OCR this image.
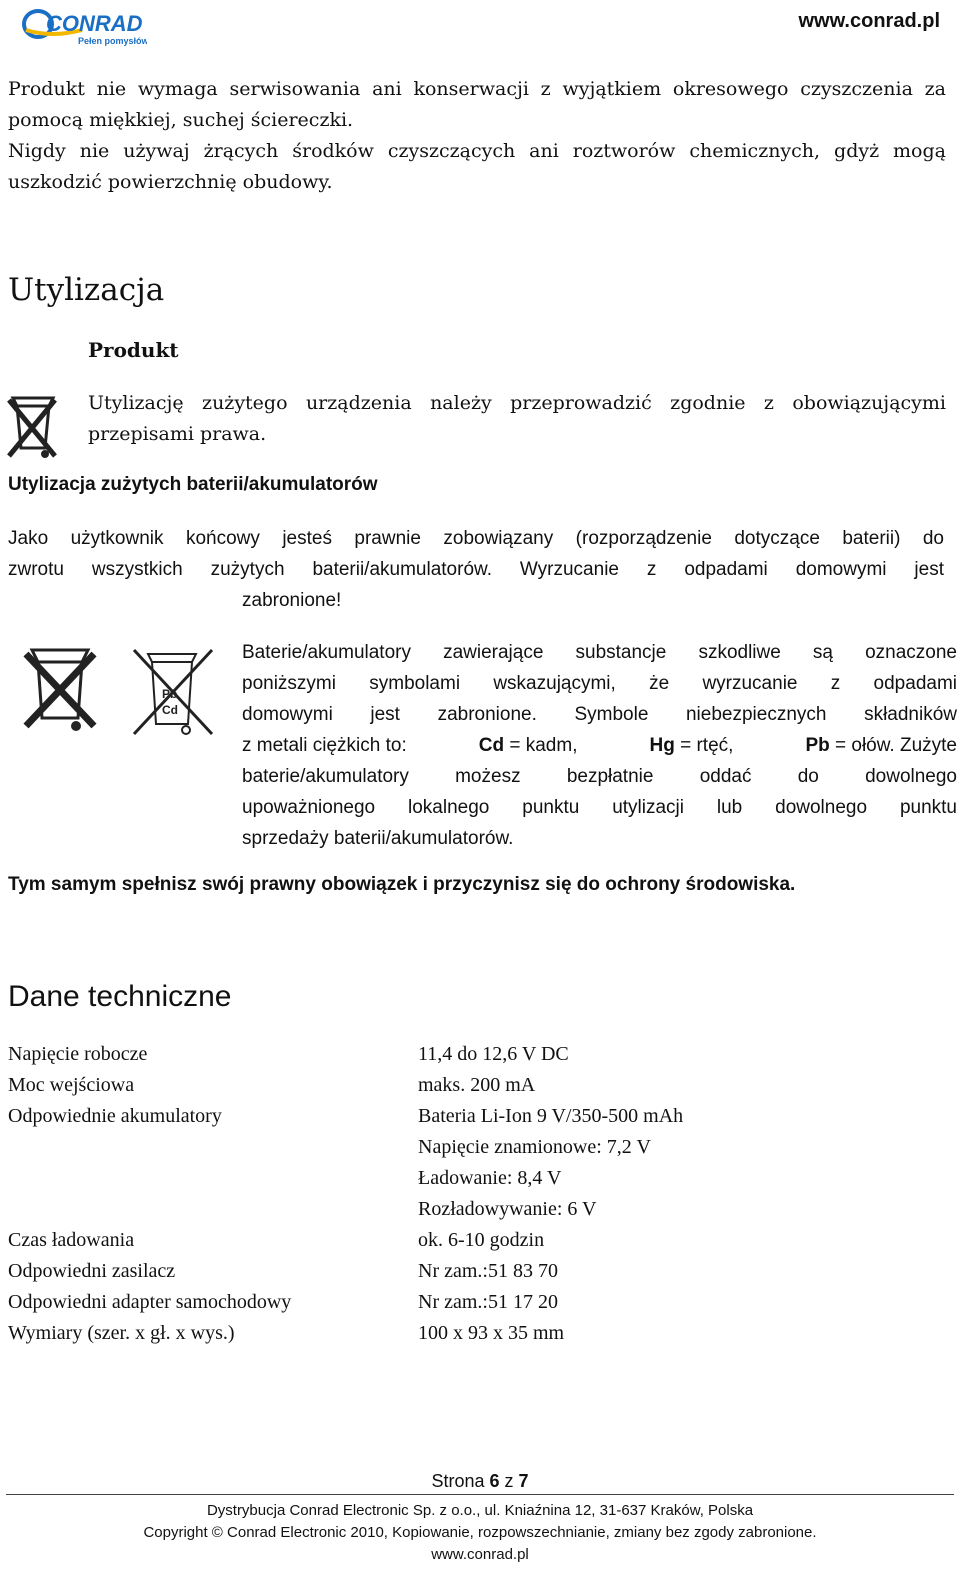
CONRAD
Pełen pomysłów
www.conrad.pl
Produkt nie wymaga serwisowania ani konserwacji z wyjątkiem okresowego czyszczenia za
pomocą miękkiej, suchej ściereczki.
Nigdy nie używaj żrących środków czyszczących ani roztworów chemicznych, gdyż mogą
uszkodzić powierzchnię obudowy.
Utylizacja
Produkt
Utylizację zużytego urządzenia należy przeprowadzić zgodnie z obowiązującymi
przepisami prawa.
Utylizacja zużytych baterii/akumulatorów
Jako użytkownik końcowy jesteś prawnie zobowiązany (rozporządzenie dotyczące baterii) do
zwrotu wszystkich zużytych baterii/akumulatorów. Wyrzucanie z odpadami domowymi jest
zabronione!
Pb
Cd
Baterie/akumulatory zawierające substancje szkodliwe są oznaczone
poniższymi symbolami wskazującymi, że wyrzucanie z odpadami
domowymi jest zabronione. Symbole niebezpiecznych składników
z metali ciężkich to:	Cd = kadm,	Hg = rtęć,	Pb = ołów. Zużyte
baterie/akumulatory możesz bezpłatnie oddać do dowolnego
upoważnionego lokalnego punktu utylizacji lub dowolnego punktu
sprzedaży baterii/akumulatorów.
Tym samym spełnisz swój prawny obowiązek i przyczynisz się do ochrony środowiska.
Dane techniczne
Napięcie robocze	11,4 do 12,6 V DC
Moc wejściowa	maks. 200 mA
Odpowiednie akumulatory	Bateria Li-Ion 9 V/350-500 mAh
Napięcie znamionowe: 7,2 V
Ładowanie: 8,4 V
Rozładowywanie: 6 V
Czas ładowania	ok. 6-10 godzin
Odpowiedni zasilacz	Nr zam.:51 83 70
Odpowiedni adapter samochodowy	Nr zam.:51 17 20
Wymiary (szer. x gł. x wys.)	100 x 93 x 35 mm
Strona 6 z 7
Dystrybucja Conrad Electronic Sp. z o.o., ul. Kniaźnina 12, 31-637 Kraków, Polska
Copyright © Conrad Electronic 2010, Kopiowanie, rozpowszechnianie, zmiany bez zgody zabronione.
www.conrad.pl
